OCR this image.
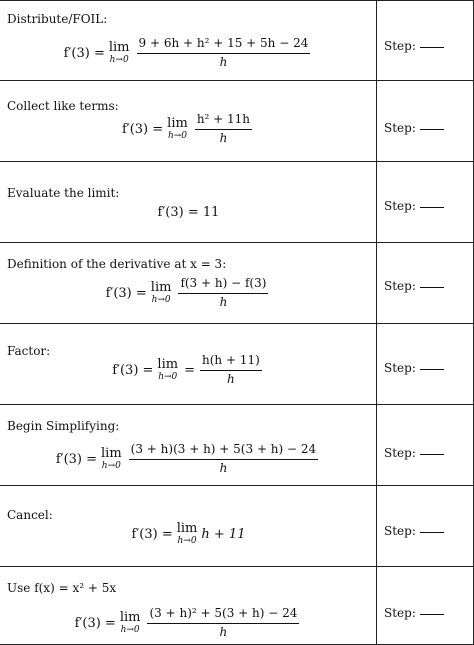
Distribute/FOIL:
f′(3) = lim
$h\to 0 \frac{\text{9 + 6h + h² + 15 + 5h − 24}}{h}$	Step:
Collect like terms:
f′(3) = lim
$h\to 0 \frac{\text{h² + 11h}}{h}$	Step:
Evaluate the limit:
f′(3) = 11	Step:
Definition of the derivative at x = 3:
f′(3) = lim
$h\to 0 \frac{f(3 + h) - f(3)}{h}$	Step:
Factor:
f′(3) = lim
$h\to 0 = \frac{h(h + 11)}{h}$	Step:
Begin Simplifying:
f′(3) = lim
$h\to 0 \frac{(3 + h)(3 + h) + 5(3 + h) - 24}{h}$	Step:
Cancel:
f′(3) = lim
h→0 h + 11	Step:
Use f(x) = x² + 5x
f′(3) = lim
$h\to 0 \frac{\text{(3 + h)² + 5(3 + h) − 24}}{h}$	Step:
